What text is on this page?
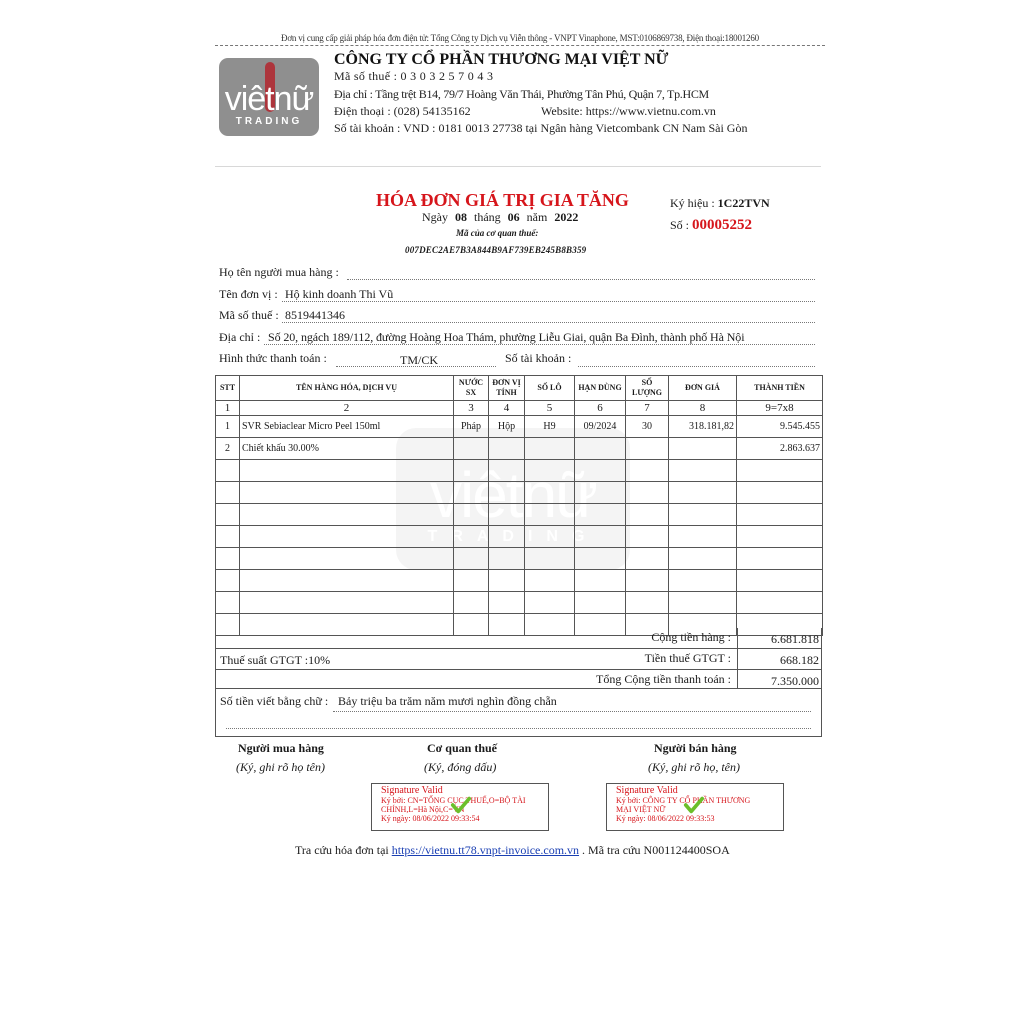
viêtnữ
TRADING
Đơn vị cung cấp giải pháp hóa đơn điện tử: Tổng Công ty Dịch vụ Viễn thông - VNPT Vinaphone, MST:0106869738, Điện thoại:18001260
viêtnữ
TRADING
CÔNG TY CỔ PHẦN THƯƠNG MẠI VIỆT NỮ
Mã số thuế : 0 3 0 3 2 5 7 0 4 3
Địa chỉ : Tầng trệt B14, 79/7 Hoàng Văn Thái, Phường Tân Phú, Quận 7, Tp.HCM
Điện thoại : (028) 54135162	Website: https://www.vietnu.com.vn
Số tài khoản : VND : 0181 0013 27738 tại Ngân hàng Vietcombank CN Nam Sài Gòn
HÓA ĐƠN GIÁ TRỊ GIA TĂNG
Ngày 08 tháng 06 năm 2022
Mã của cơ quan thuế:
007DEC2AE7B3A844B9AF739EB245B8B359
Ký hiệu : 1C22TVN
Số : 00005252
Họ tên người mua hàng :
Tên đơn vị : Hộ kinh doanh Thi Vũ
Mã số thuế : 8519441346
Địa chỉ : Số 20, ngách 189/112, đường Hoàng Hoa Thám, phường Liễu Giai, quận Ba Đình, thành phố Hà Nội
Hình thức thanh toán :	TM/CK	Số tài khoản :
STT	TÊN HÀNG HÓA, DỊCH VỤ	NƯỚC SX	ĐƠN VỊ TÍNH	SỐ LÔ	HẠN DÙNG	SỐ LƯỢNG	ĐƠN GIÁ	THÀNH TIỀN
1	2	3	4	5	6	7	8	9=7x8
1	SVR Sebiaclear Micro Peel 150ml	Pháp	Hộp	H9	09/2024	30	318.181,82	9.545.455
2	Chiết khấu 30.00%							2.863.637

Cộng tiền hàng :	6.681.818
Thuế suất GTGT :10%	Tiền thuế GTGT :	668.182
Tổng Cộng tiền thanh toán :	7.350.000
Số tiền viết bằng chữ : Bảy triệu ba trăm năm mươi nghìn đồng chẵn
Người mua hàng
(Ký, ghi rõ họ tên)
Cơ quan thuế
(Ký, đóng dấu)
Người bán hàng
(Ký, ghi rõ họ, tên)
Signature Valid
Ký bởi: CN=TỔNG CỤC THUẾ,O=BỘ TÀI
CHÍNH,L=Hà Nội,C=VN
Ký ngày: 08/06/2022 09:33:54
Signature Valid
Ký bởi: CÔNG TY CỔ PHẦN THƯƠNG
MẠI VIỆT NỮ
Ký ngày: 08/06/2022 09:33:53
Tra cứu hóa đơn tại https://vietnu.tt78.vnpt-invoice.com.vn . Mã tra cứu N001124400SOA
